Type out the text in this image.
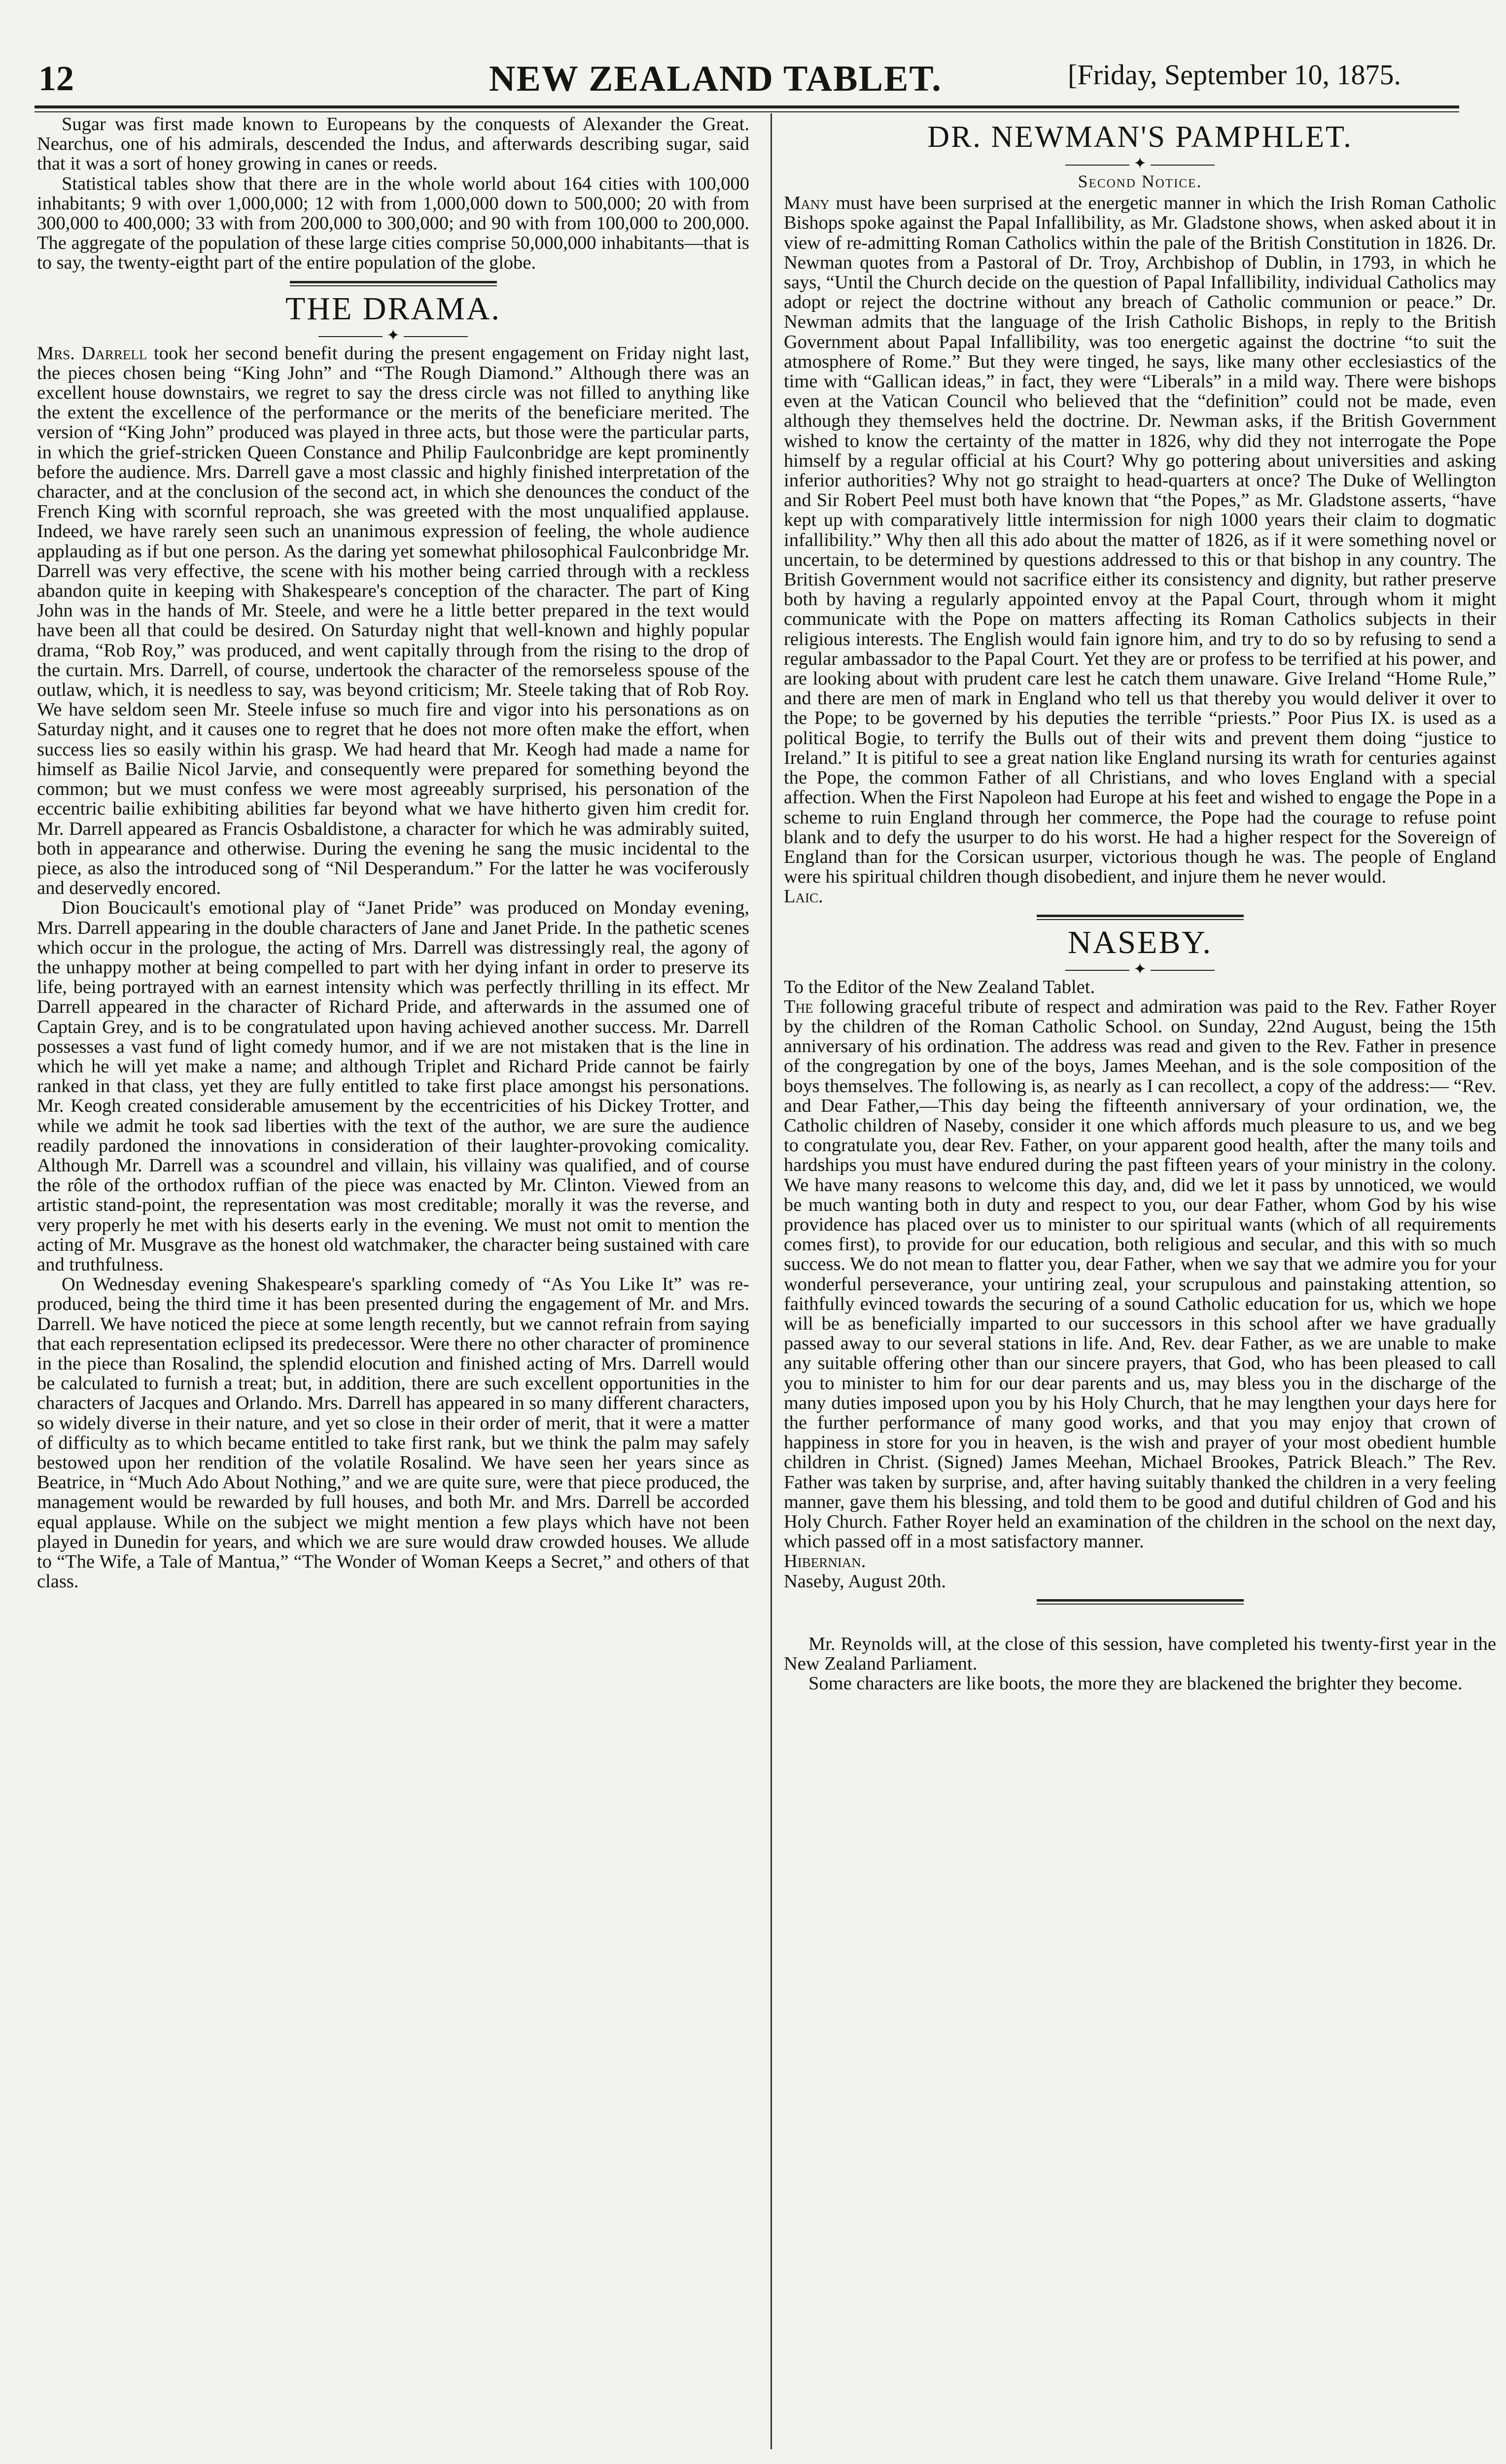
12	NEW ZEALAND TABLET.	[Friday, September 10, 1875.

Sugar was first made known to Europeans by the conquests of Alexander the Great. Nearchus, one of his admirals, descended the Indus, and afterwards describing sugar, said that it was a sort of honey growing in canes or reeds.

Statistical tables show that there are in the whole world about 164 cities with 100,000 inhabitants; 9 with over 1,000,000; 12 with from 1,000,000 down to 500,000; 20 with from 300,000 to 400,000; 33 with from 200,000 to 300,000; and 90 with from 100,000 to 200,000. The aggregate of the population of these large cities comprise 50,000,000 inhabitants—that is to say, the twenty-eigtht part of the entire population of the globe.

THE DRAMA.
✦

Mrs. Darrell took her second benefit during the present engagement on Friday night last, the pieces chosen being “King John” and “The Rough Diamond.” Although there was an excellent house downstairs, we regret to say the dress circle was not filled to anything like the extent the excellence of the performance or the merits of the beneficiare merited. The version of “King John” produced was played in three acts, but those were the particular parts, in which the grief-stricken Queen Constance and Philip Faulconbridge are kept prominently before the audience. Mrs. Darrell gave a most classic and highly finished interpretation of the character, and at the conclusion of the second act, in which she denounces the conduct of the French King with scornful reproach, she was greeted with the most unqualified applause. Indeed, we have rarely seen such an unanimous expression of feeling, the whole audience applauding as if but one person. As the daring yet somewhat philosophical Faulconbridge Mr. Darrell was very effective, the scene with his mother being carried through with a reckless abandon quite in keeping with Shakespeare's conception of the character. The part of King John was in the hands of Mr. Steele, and were he a little better prepared in the text would have been all that could be desired. On Saturday night that well-known and highly popular drama, “Rob Roy,” was produced, and went capitally through from the rising to the drop of the curtain. Mrs. Darrell, of course, undertook the character of the remorseless spouse of the outlaw, which, it is needless to say, was beyond criticism; Mr. Steele taking that of Rob Roy. We have seldom seen Mr. Steele infuse so much fire and vigor into his personations as on Saturday night, and it causes one to regret that he does not more often make the effort, when success lies so easily within his grasp. We had heard that Mr. Keogh had made a name for himself as Bailie Nicol Jarvie, and consequently were prepared for something beyond the common; but we must confess we were most agreeably surprised, his personation of the eccentric bailie exhibiting abilities far beyond what we have hitherto given him credit for. Mr. Darrell appeared as Francis Osbaldistone, a character for which he was admirably suited, both in appearance and otherwise. During the evening he sang the music incidental to the piece, as also the introduced song of “Nil Desperandum.” For the latter he was vociferously and deservedly encored.

Dion Boucicault's emotional play of “Janet Pride” was produced on Monday evening, Mrs. Darrell appearing in the double characters of Jane and Janet Pride. In the pathetic scenes which occur in the prologue, the acting of Mrs. Darrell was distressingly real, the agony of the unhappy mother at being compelled to part with her dying infant in order to preserve its life, being portrayed with an earnest intensity which was perfectly thrilling in its effect. Mr Darrell appeared in the character of Richard Pride, and afterwards in the assumed one of Captain Grey, and is to be congratulated upon having achieved another success. Mr. Darrell possesses a vast fund of light comedy humor, and if we are not mistaken that is the line in which he will yet make a name; and although Triplet and Richard Pride cannot be fairly ranked in that class, yet they are fully entitled to take first place amongst his personations. Mr. Keogh created considerable amusement by the eccentricities of his Dickey Trotter, and while we admit he took sad liberties with the text of the author, we are sure the audience readily pardoned the innovations in consideration of their laughter-provoking comicality. Although Mr. Darrell was a scoundrel and villain, his villainy was qualified, and of course the rôle of the orthodox ruffian of the piece was enacted by Mr. Clinton. Viewed from an artistic stand-point, the representation was most creditable; morally it was the reverse, and very properly he met with his deserts early in the evening. We must not omit to mention the acting of Mr. Musgrave as the honest old watchmaker, the character being sustained with care and truthfulness.

On Wednesday evening Shakespeare's sparkling comedy of “As You Like It” was re-produced, being the third time it has been presented during the engagement of Mr. and Mrs. Darrell. We have noticed the piece at some length recently, but we cannot refrain from saying that each representation eclipsed its predecessor. Were there no other character of prominence in the piece than Rosalind, the splendid elocution and finished acting of Mrs. Darrell would be calculated to furnish a treat; but, in addition, there are such excellent opportunities in the characters of Jacques and Orlando. Mrs. Darrell has appeared in so many different characters, so widely diverse in their nature, and yet so close in their order of merit, that it were a matter of difficulty as to which became entitled to take first rank, but we think the palm may safely bestowed upon her rendition of the volatile Rosalind. We have seen her years since as Beatrice, in “Much Ado About Nothing,” and we are quite sure, were that piece produced, the management would be rewarded by full houses, and both Mr. and Mrs. Darrell be accorded equal applause. While on the subject we might mention a few plays which have not been played in Dunedin for years, and which we are sure would draw crowded houses. We allude to “The Wife, a Tale of Mantua,” “The Wonder of Woman Keeps a Secret,” and others of that class.

DR. NEWMAN'S PAMPHLET.
✦
Second Notice.

Many must have been surprised at the energetic manner in which the Irish Roman Catholic Bishops spoke against the Papal Infallibility, as Mr. Gladstone shows, when asked about it in view of re-admitting Roman Catholics within the pale of the British Constitution in 1826. Dr. Newman quotes from a Pastoral of Dr. Troy, Archbishop of Dublin, in 1793, in which he says, “Until the Church decide on the question of Papal Infallibility, individual Catholics may adopt or reject the doctrine without any breach of Catholic communion or peace.” Dr. Newman admits that the language of the Irish Catholic Bishops, in reply to the British Government about Papal Infallibility, was too energetic against the doctrine “to suit the atmosphere of Rome.” But they were tinged, he says, like many other ecclesiastics of the time with “Gallican ideas,” in fact, they were “Liberals” in a mild way. There were bishops even at the Vatican Council who believed that the “definition” could not be made, even although they themselves held the doctrine. Dr. Newman asks, if the British Government wished to know the certainty of the matter in 1826, why did they not interrogate the Pope himself by a regular official at his Court? Why go pottering about universities and asking inferior authorities? Why not go straight to head-quarters at once? The Duke of Wellington and Sir Robert Peel must both have known that “the Popes,” as Mr. Gladstone asserts, “have kept up with comparatively little intermission for nigh 1000 years their claim to dogmatic infallibility.” Why then all this ado about the matter of 1826, as if it were something novel or uncertain, to be determined by questions addressed to this or that bishop in any country. The British Government would not sacrifice either its consistency and dignity, but rather preserve both by having a regularly appointed envoy at the Papal Court, through whom it might communicate with the Pope on matters affecting its Roman Catholics subjects in their religious interests. The English would fain ignore him, and try to do so by refusing to send a regular ambassador to the Papal Court. Yet they are or profess to be terrified at his power, and are looking about with prudent care lest he catch them unaware. Give Ireland “Home Rule,” and there are men of mark in England who tell us that thereby you would deliver it over to the Pope; to be governed by his deputies the terrible “priests.” Poor Pius IX. is used as a political Bogie, to terrify the Bulls out of their wits and prevent them doing “justice to Ireland.” It is pitiful to see a great nation like England nursing its wrath for centuries against the Pope, the common Father of all Christians, and who loves England with a special affection. When the First Napoleon had Europe at his feet and wished to engage the Pope in a scheme to ruin England through her commerce, the Pope had the courage to refuse point blank and to defy the usurper to do his worst. He had a higher respect for the Sovereign of England than for the Corsican usurper, victorious though he was. The people of England were his spiritual children though disobedient, and injure them he never would.

Laic.

NASEBY.
✦

To the Editor of the New Zealand Tablet.

The following graceful tribute of respect and admiration was paid to the Rev. Father Royer by the children of the Roman Catholic School. on Sunday, 22nd August, being the 15th anniversary of his ordination. The address was read and given to the Rev. Father in presence of the congregation by one of the boys, James Meehan, and is the sole composition of the boys themselves. The following is, as nearly as I can recollect, a copy of the address:— “Rev. and Dear Father,—This day being the fifteenth anniversary of your ordination, we, the Catholic children of Naseby, consider it one which affords much pleasure to us, and we beg to congratulate you, dear Rev. Father, on your apparent good health, after the many toils and hardships you must have endured during the past fifteen years of your ministry in the colony. We have many reasons to welcome this day, and, did we let it pass by unnoticed, we would be much wanting both in duty and respect to you, our dear Father, whom God by his wise providence has placed over us to minister to our spiritual wants (which of all requirements comes first), to provide for our education, both religious and secular, and this with so much success. We do not mean to flatter you, dear Father, when we say that we admire you for your wonderful perseverance, your untiring zeal, your scrupulous and painstaking attention, so faithfully evinced towards the securing of a sound Catholic education for us, which we hope will be as beneficially imparted to our successors in this school after we have gradually passed away to our several stations in life. And, Rev. dear Father, as we are unable to make any suitable offering other than our sincere prayers, that God, who has been pleased to call you to minister to him for our dear parents and us, may bless you in the discharge of the many duties imposed upon you by his Holy Church, that he may lengthen your days here for the further performance of many good works, and that you may enjoy that crown of happiness in store for you in heaven, is the wish and prayer of your most obedient humble children in Christ. (Signed) James Meehan, Michael Brookes, Patrick Bleach.” The Rev. Father was taken by surprise, and, after having suitably thanked the children in a very feeling manner, gave them his blessing, and told them to be good and dutiful children of God and his Holy Church. Father Royer held an examination of the children in the school on the next day, which passed off in a most satisfactory manner.

Hibernian.

Naseby, August 20th.

Mr. Reynolds will, at the close of this session, have completed his twenty-first year in the New Zealand Parliament.

Some characters are like boots, the more they are blackened the brighter they become.
